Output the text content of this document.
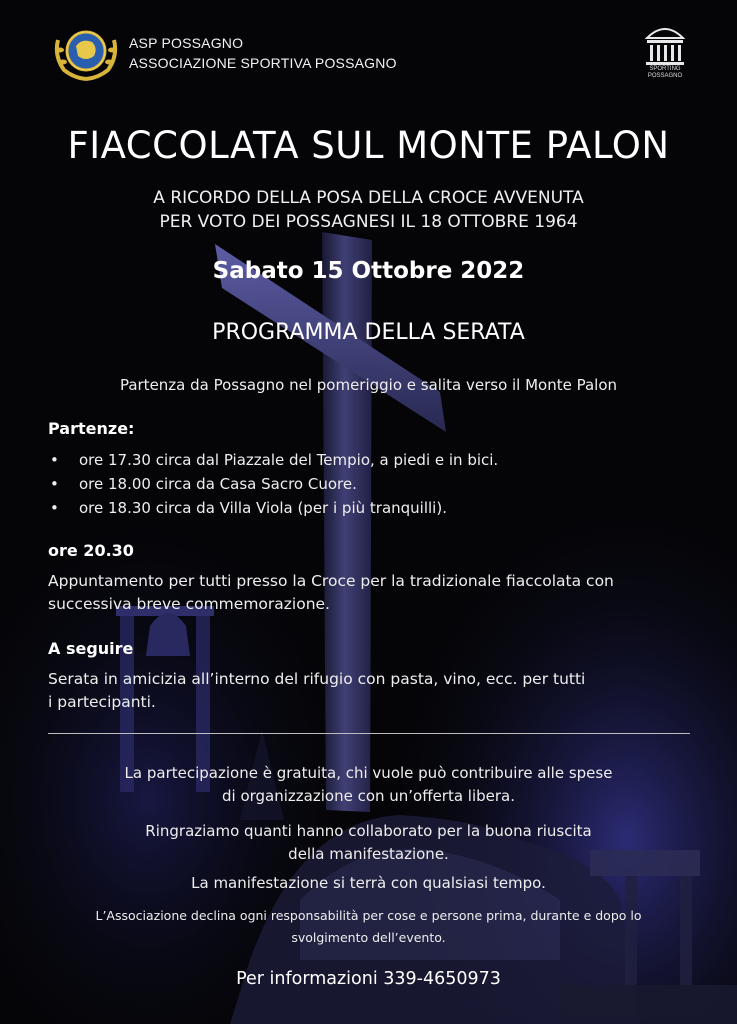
ASP POSSAGNO
ASSOCIAZIONE SPORTIVA POSSAGNO	SPORTING
POSSAGNO
FIACCOLATA SUL MONTE PALON
A RICORDO DELLA POSA DELLA CROCE AVVENUTA
PER VOTO DEI POSSAGNESI IL 18 OTTOBRE 1964
Sabato 15 Ottobre 2022
PROGRAMMA DELLA SERATA
Partenza da Possagno nel pomeriggio e salita verso il Monte Palon
Partenze:
• ore 17.30 circa dal Piazzale del Tempio, a piedi e in bici.
• ore 18.00 circa da Casa Sacro Cuore.
• ore 18.30 circa da Villa Viola (per i più tranquilli).
ore 20.30
Appuntamento per tutti presso la Croce per la tradizionale fiaccolata con
successiva breve commemorazione.
A seguire
Serata in amicizia all’interno del rifugio con pasta, vino, ecc. per tutti
i partecipanti.
La partecipazione è gratuita, chi vuole può contribuire alle spese
di organizzazione con un’offerta libera.
Ringraziamo quanti hanno collaborato per la buona riuscita
della manifestazione.
La manifestazione si terrà con qualsiasi tempo.
L’Associazione declina ogni responsabilità per cose e persone prima, durante e dopo lo
svolgimento dell’evento.
Per informazioni 339-4650973
